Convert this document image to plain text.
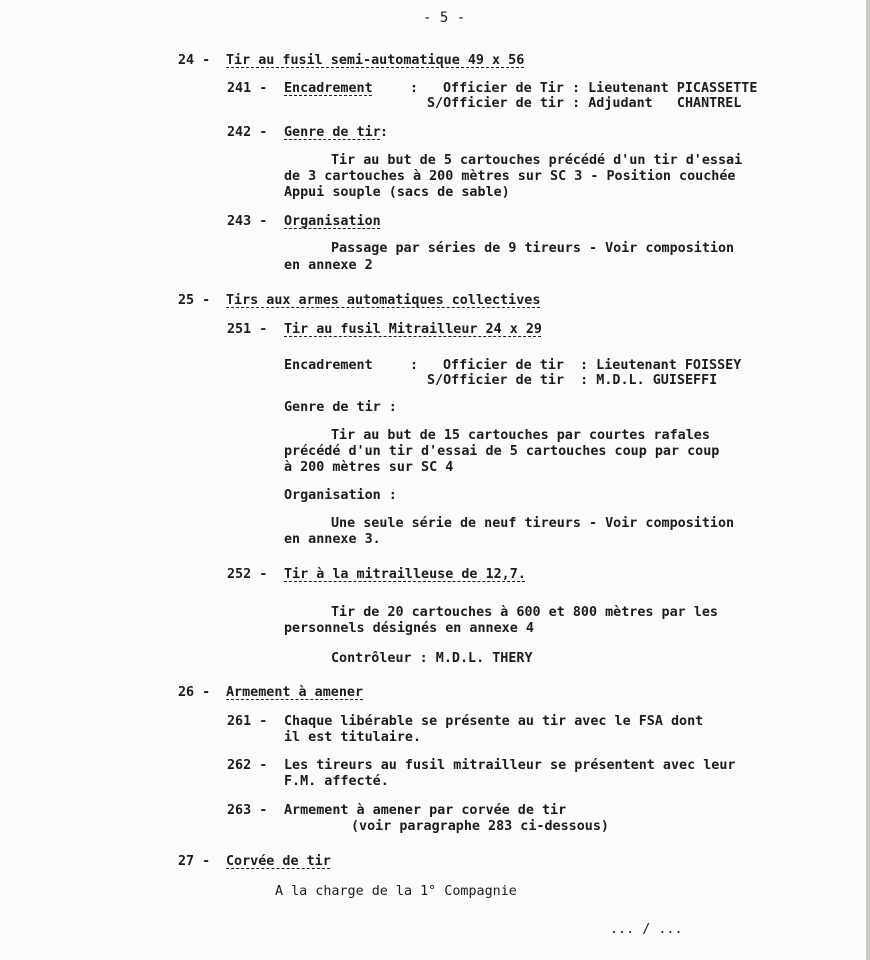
- 5 -
24 - Tir au fusil semi-automatique 49 x 56
241 - Encadrement	: Officier de Tir : Lieutenant PICASSETTE
S/Officier de tir : Adjudant   CHANTREL
242 - Genre de tir :
Tir au but de 5 cartouches précédé d'un tir d'essai
de 3 cartouches à 200 mètres sur SC 3 - Position couchée
Appui souple (sacs de sable)
243 - Organisation
Passage par séries de 9 tireurs - Voir composition
en annexe 2
25 - Tirs aux armes automatiques collectives
251 - Tir au fusil Mitrailleur 24 x 29
Encadrement	: Officier de tir  : Lieutenant FOISSEY
S/Officier de tir  : M.D.L. GUISEFFI
Genre de tir :
Tir au but de 15 cartouches par courtes rafales
précédé d'un tir d'essai de 5 cartouches coup par coup
à 200 mètres sur SC 4
Organisation :
Une seule série de neuf tireurs - Voir composition
en annexe 3.
252 - Tir à la mitrailleuse de 12,7.
Tir de 20 cartouches à 600 et 800 mètres par les
personnels désignés en annexe 4
Contrôleur : M.D.L. THERY
26 - Armement à amener
261 - Chaque libérable se présente au tir avec le FSA dont
il est titulaire.
262 - Les tireurs au fusil mitrailleur se présentent avec leur
F.M. affecté.
263 - Armement à amener par corvée de tir
(voir paragraphe 283 ci-dessous)
27 - Corvée de tir
A la charge de la 1° Compagnie
... / ...
